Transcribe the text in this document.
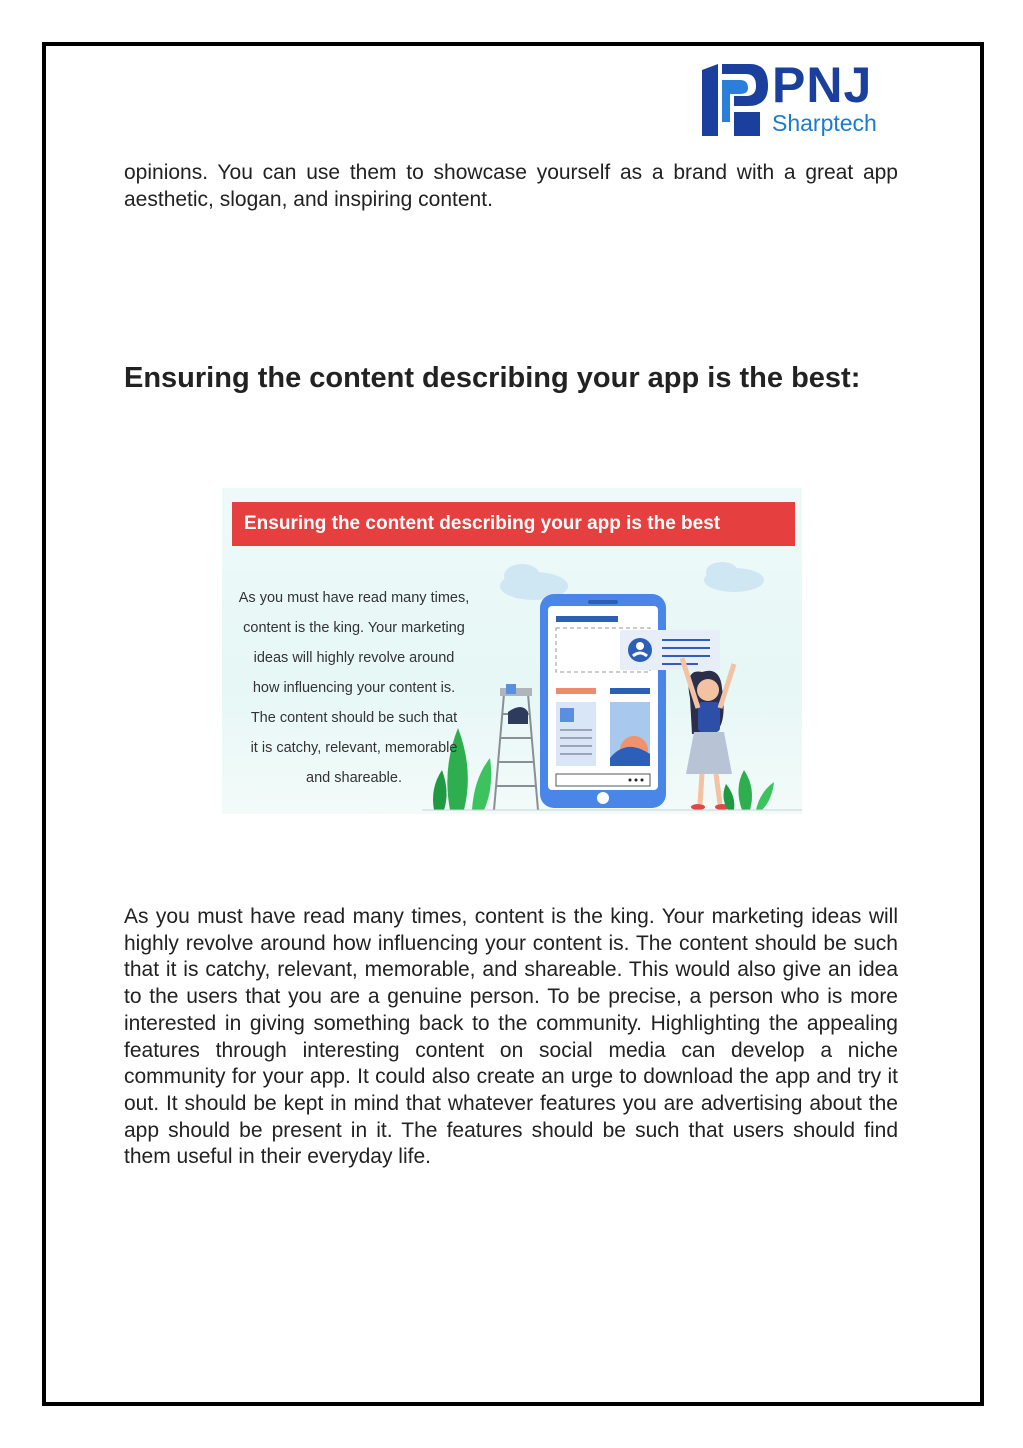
PNJ
Sharptech

opinions. You can use them to showcase yourself as a brand with a great app aesthetic, slogan, and inspiring content.

Ensuring the content describing your app is the best:
Ensuring the content describing your app is the best
As you must have read many times,
content is the king. Your marketing
ideas will highly revolve around
how influencing your content is.
The content should be such that
it is catchy, relevant, memorable
and shareable.

As you must have read many times, content is the king. Your marketing ideas will highly revolve around how influencing your content is. The content should be such that it is catchy, relevant, memorable, and shareable. This would also give an idea to the users that you are a genuine person. To be precise, a person who is more interested in giving something back to the community. Highlighting the appealing features through interesting content on social media can develop a niche community for your app. It could also create an urge to download the app and try it out. It should be kept in mind that whatever features you are advertising about the app should be present in it. The features should be such that users should find them useful in their everyday life.
